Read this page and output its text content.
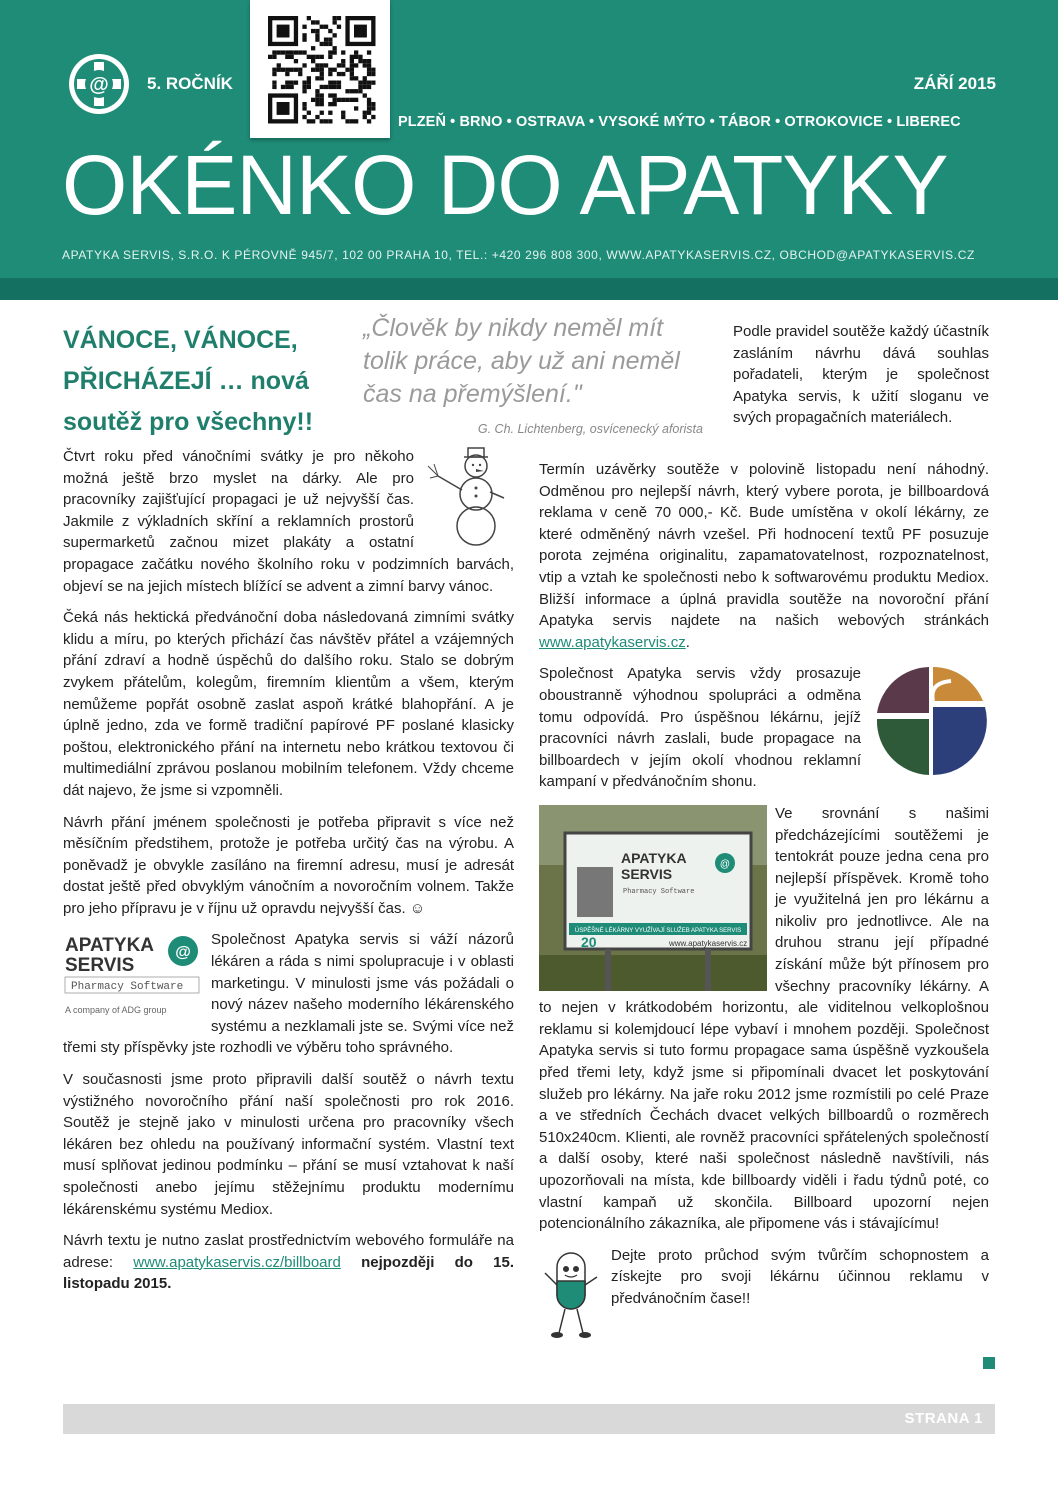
@ 5. ROČNÍK	ZÁŘÍ 2015
PLZEŇ • BRNO • OSTRAVA • VYSOKÉ MÝTO • TÁBOR • OTROKOVICE • LIBEREC
OKÉNKO DO APATYKY
APATYKA SERVIS, S.R.O. K PÉROVNĚ 945/7, 102 00 PRAHA 10, TEL.: +420 296 808 300, WWW.APATYKASERVIS.CZ, OBCHOD@APATYKASERVIS.CZ
VÁNOCE, VÁNOCE, PŘICHÁZEJÍ … nová soutěž pro všechny!!
„Člověk by nikdy neměl mít tolik práce, aby už ani neměl čas na přemýšlení."
G. Ch. Lichtenberg, osvícenecký aforista

Podle pravidel soutěže každý účastník zasláním návrhu dává souhlas pořadateli, kterým je společnost Apatyka servis, k užití sloganu ve svých propagačních materiálech.

Čtvrt roku před vánočními svátky je pro někoho možná ještě brzo myslet na dárky. Ale pro pracovníky zajišťující propagaci je už nejvyšší čas. Jakmile z výkladních skříní a reklamních prostorů supermarketů začnou mizet plakáty a ostatní propagace začátku nového školního roku v podzimních barvách, objeví se na jejich místech blížící se advent a zimní barvy vánoc.

Čeká nás hektická předvánoční doba následovaná zimními svátky klidu a míru, po kterých přichází čas návštěv přátel a vzájemných přání zdraví a hodně úspěchů do dalšího roku. Stalo se dobrým zvykem přátelům, kolegům, firemním klientům a všem, kterým nemůžeme popřát osobně zaslat aspoň krátké blahopřání. A je úplně jedno, zda ve formě tradiční papírové PF poslané klasicky poštou, elektronického přání na internetu nebo krátkou textovou či multimediální zprávou poslanou mobilním telefonem. Vždy chceme dát najevo, že jsme si vzpomněli.

Návrh přání jménem společnosti je potřeba připravit s více než měsíčním předstihem, protože je potřeba určitý čas na výrobu. A poněvadž je obvykle zasíláno na firemní adresu, musí je adresát dostat ještě před obvyklým vánočním a novoročním volnem. Takže pro jeho přípravu je v říjnu už opravdu nejvyšší čas. ☺

APATYKA
SERVIS
@
Pharmacy Software
A company of ADG group
Společnost Apatyka servis si váží názorů lékáren a ráda s nimi spolupracuje i v oblasti marketingu. V minulosti jsme vás požádali o nový název našeho moderního lékárenského systému a nezklamali jste se. Svými více než třemi sty příspěvky jste rozhodli ve výběru toho správného.

V současnosti jsme proto připravili další soutěž o návrh textu výstižného novoročního přání naší společnosti pro rok 2016. Soutěž je stejně jako v minulosti určena pro pracovníky všech lékáren bez ohledu na používaný informační systém. Vlastní text musí splňovat jedinou podmínku – přání se musí vztahovat k naší společnosti anebo jejímu stěžejnímu produktu modernímu lékárenskému systému Mediox.

Návrh textu je nutno zaslat prostřednictvím webového formuláře na adrese: www.apatykaservis.cz/billboard nejpozději do 15. listopadu 2015.

Termín uzávěrky soutěže v polovině listopadu není náhodný. Odměnou pro nejlepší návrh, který vybere porota, je billboardová reklama v ceně 70 000,- Kč. Bude umístěna v okolí lékárny, ze které odměněný návrh vzešel. Při hodnocení textů PF posuzuje porota zejména originalitu, zapamatovatelnost, rozpoznatelnost, vtip a vztah ke společnosti nebo k softwarovému produktu Mediox. Bližší informace a úplná pravidla soutěže na novoroční přání Apatyka servis najdete na našich webových stránkách www.apatykaservis.cz.

Společnost Apatyka servis vždy prosazuje oboustranně výhodnou spolupráci a odměna tomu odpovídá. Pro úspěšnou lékárnu, jejíž pracovníci návrh zaslali, bude propagace na billboardech v jejím okolí vhodnou reklamní kampaní v předvánočním shonu.

ÚSPĚŠNÉ LÉKÁRNY VYUŽÍVAJÍ SLUŽEB APATYKA SERVIS
APATYKA
SERVIS
@
Pharmacy Software
20	www.apatykaservis.cz
Ve srovnání s našimi předcházejícími soutěžemi je tentokrát pouze jedna cena pro nejlepší příspěvek. Kromě toho je využitelná jen pro lékárnu a nikoliv pro jednotlivce. Ale na druhou stranu její případné získání může být přínosem pro všechny pracovníky lékárny. A to nejen v krátkodobém horizontu, ale viditelnou velkoplošnou reklamu si kolemjdoucí lépe vybaví i mnohem později. Společnost Apatyka servis si tuto formu propagace sama úspěšně vyzkoušela před třemi lety, když jsme si připomínali dvacet let poskytování služeb pro lékárny. Na jaře roku 2012 jsme rozmístili po celé Praze a ve středních Čechách dvacet velkých billboardů o rozměrech 510x240cm. Klienti, ale rovněž pracovníci spřátelených společností a další osoby, které naši společnost následně navštívili, nás upozorňovali na místa, kde billboardy viděli i řadu týdnů poté, co vlastní kampaň už skončila. Billboard upozorní nejen potencionálního zákazníka, ale připomene vás i stávajícímu!

Dejte proto průchod svým tvůrčím schopnostem a získejte pro svoji lékárnu účinnou reklamu v předvánočním čase!!

STRANA 1
